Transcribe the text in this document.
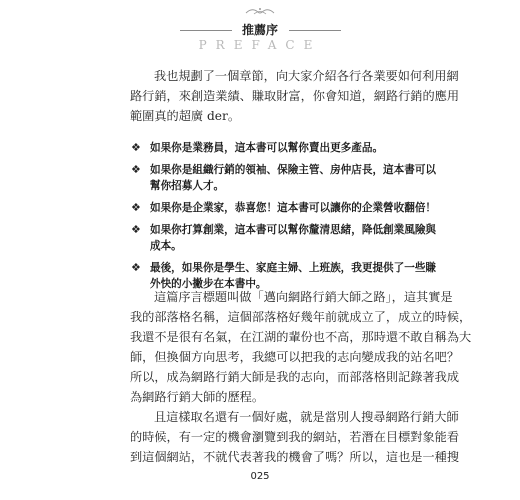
推薦序
PREFACE
我也規劃了一個章節，向大家介紹各行各業要如何利用網
路行銷，來創造業績、賺取財富，你會知道，網路行銷的應用
範圍真的超廣 der。
❖ 如果你是業務員，這本書可以幫你賣出更多產品。
❖ 如果你是組織行銷的領袖、保險主管、房仲店長，這本書可以
幫你招募人才。
❖ 如果你是企業家，恭喜您！這本書可以讓你的企業營收翻倍！
❖ 如果你打算創業，這本書可以幫你釐清思緒，降低創業風險與
成本。
❖ 最後，如果你是學生、家庭主婦、上班族，我更提供了一些賺
外快的小撇步在本書中。
這篇序言標題叫做「邁向網路行銷大師之路」，這其實是
我的部落格名稱，這個部落格好幾年前就成立了，成立的時候，
我還不是很有名氣，在江湖的輩份也不高，那時還不敢自稱為大
師，但換個方向思考，我總可以把我的志向變成我的站名吧？
所以，成為網路行銷大師是我的志向，而部落格則記錄著我成
為網路行銷大師的歷程。
且這樣取名還有一個好處，就是當別人搜尋網路行銷大師
的時候，有一定的機會瀏覽到我的網站，若潛在目標對象能看
到這個網站，不就代表著我的機會了嗎？所以，這也是一種搜
025
